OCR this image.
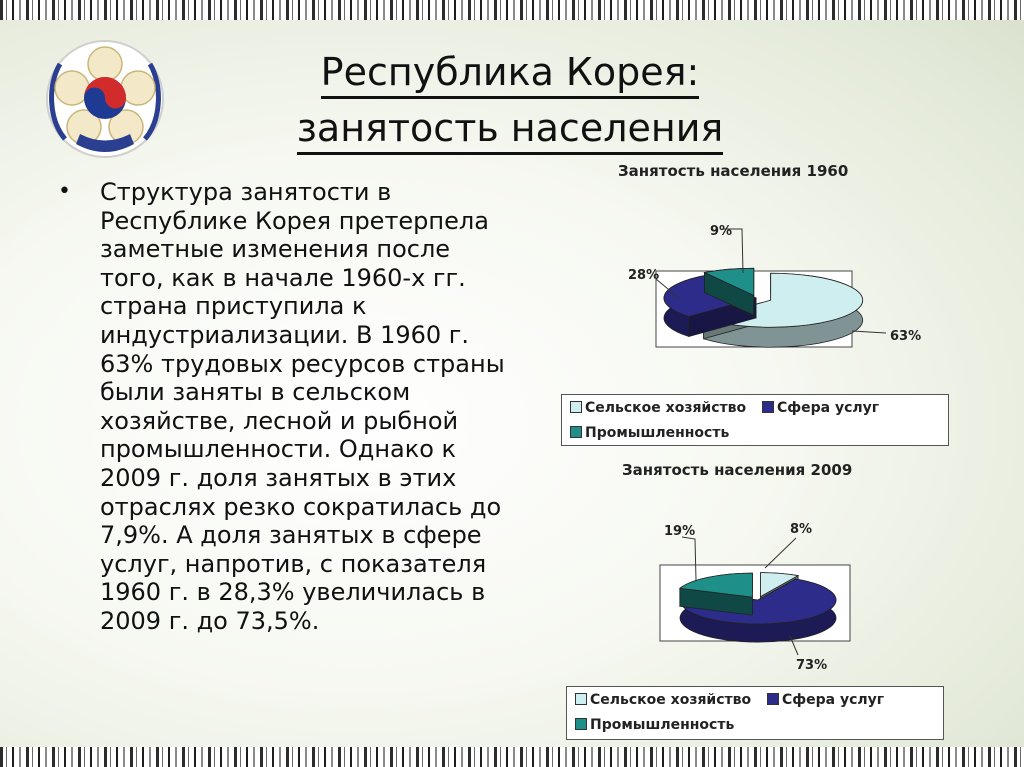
Республика Корея:
занятость населения
• Структура занятости в Республике Корея претерпела заметные изменения после того, как в начале 1960-х гг. страна приступила к индустриализации. В 1960 г. 63% трудовых ресурсов страны были заняты в сельском хозяйстве, лесной и рыбной промышленности. Однако к 2009 г. доля занятых в этих отраслях резко сократилась до 7,9%. А доля занятых в сфере услуг, напротив, с показателя 1960 г. в 28,3% увеличилась в 2009 г. до 73,5%.
Занятость населения 1960
63%
28%
9%
Сельское хозяйство	Сфера услуг
Промышленность
Занятость населения 2009
8%
73%
19%
Сельское хозяйство	Сфера услуг
Промышленность
